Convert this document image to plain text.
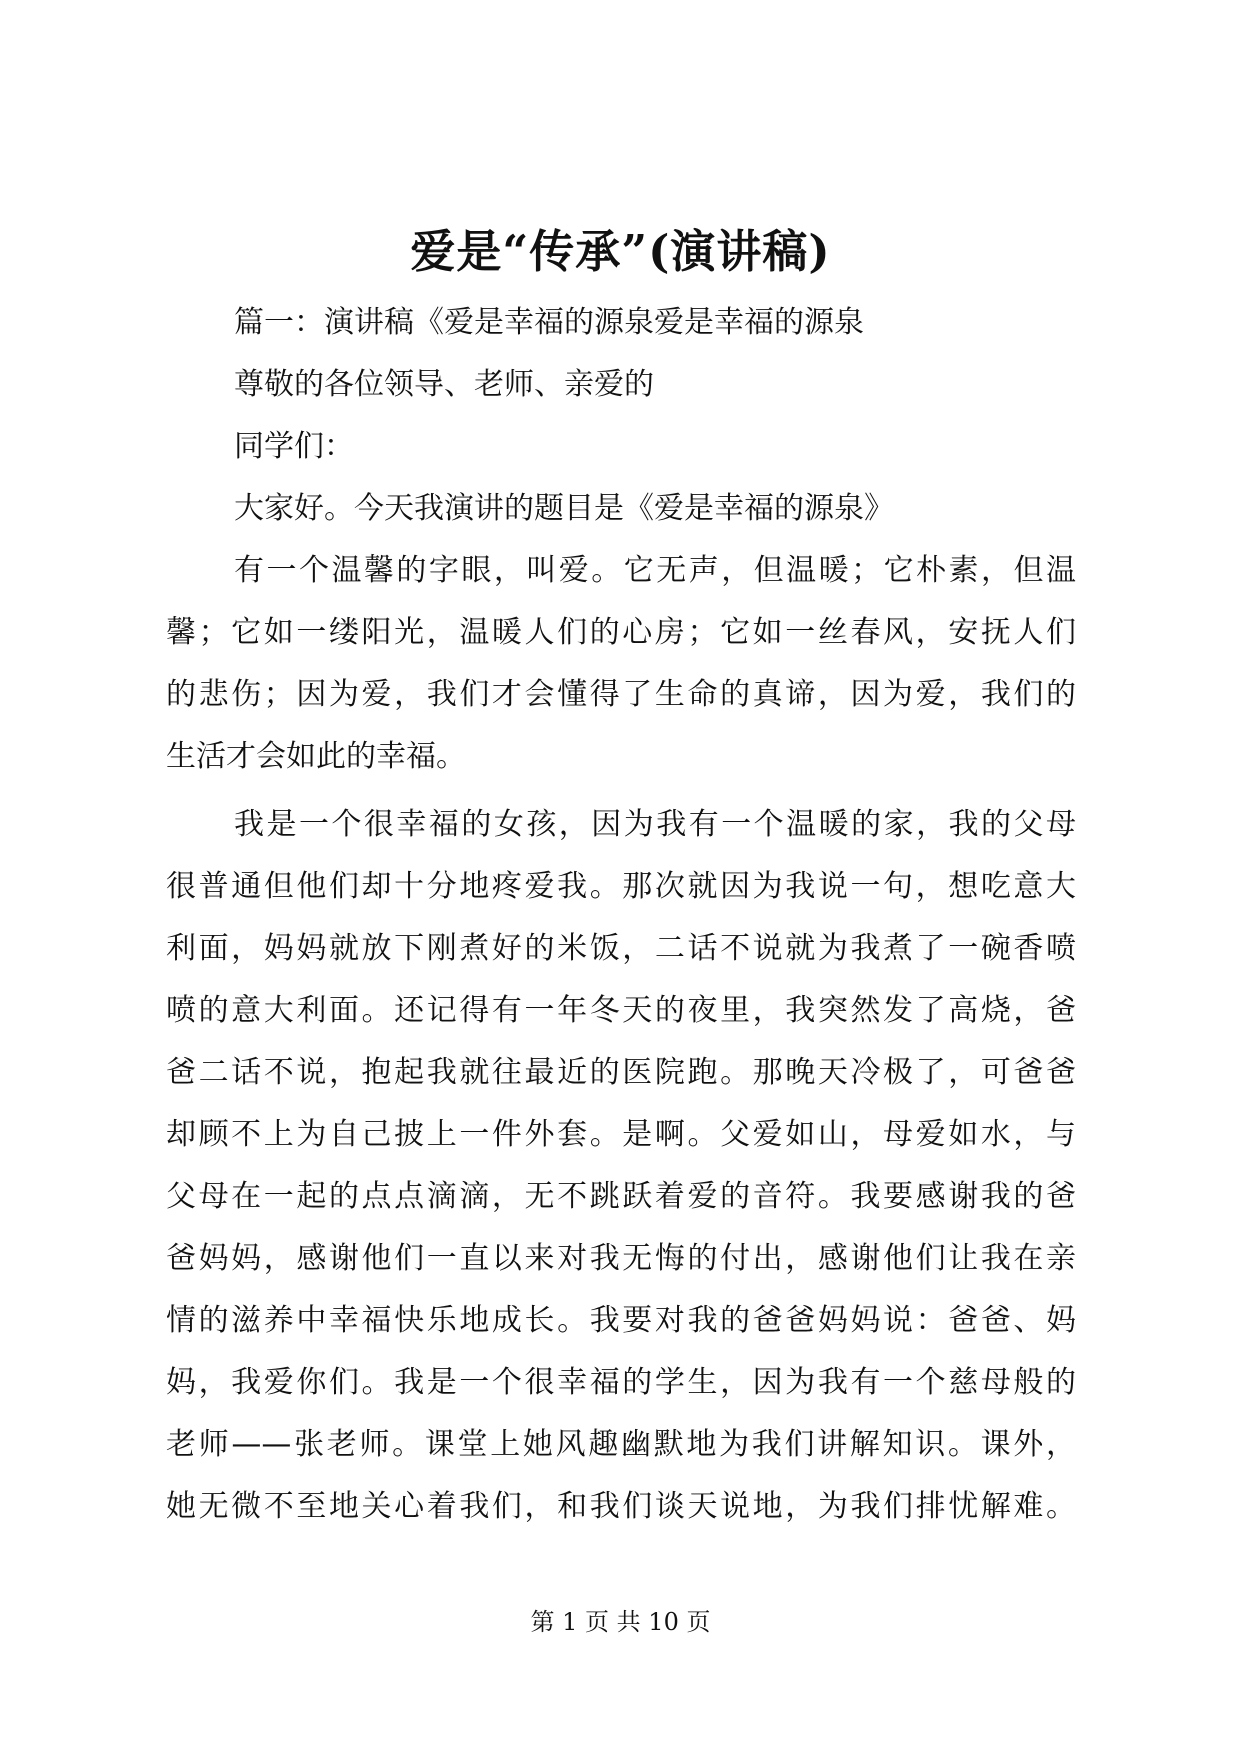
爱是“传承”(演讲稿)
篇一：演讲稿《爱是幸福的源泉爱是幸福的源泉
尊敬的各位领导、老师、亲爱的
同学们：
大家好。今天我演讲的题目是《爱是幸福的源泉》
有一个温馨的字眼，叫爱。它无声，但温暖；它朴素，但温
馨；它如一缕阳光，温暖人们的心房；它如一丝春风，安抚人们
的悲伤；因为爱，我们才会懂得了生命的真谛，因为爱，我们的
生活才会如此的幸福。
我是一个很幸福的女孩，因为我有一个温暖的家，我的父母
很普通但他们却十分地疼爱我。那次就因为我说一句，想吃意大
利面，妈妈就放下刚煮好的米饭，二话不说就为我煮了一碗香喷
喷的意大利面。还记得有一年冬天的夜里，我突然发了高烧，爸
爸二话不说，抱起我就往最近的医院跑。那晚天冷极了，可爸爸
却顾不上为自己披上一件外套。是啊。父爱如山，母爱如水，与
父母在一起的点点滴滴，无不跳跃着爱的音符。我要感谢我的爸
爸妈妈，感谢他们一直以来对我无悔的付出，感谢他们让我在亲
情的滋养中幸福快乐地成长。我要对我的爸爸妈妈说：爸爸、妈
妈，我爱你们。我是一个很幸福的学生，因为我有一个慈母般的
老师——张老师。课堂上她风趣幽默地为我们讲解知识。课外，
她无微不至地关心着我们，和我们谈天说地，为我们排忧解难。
第 1 页 共 10 页
